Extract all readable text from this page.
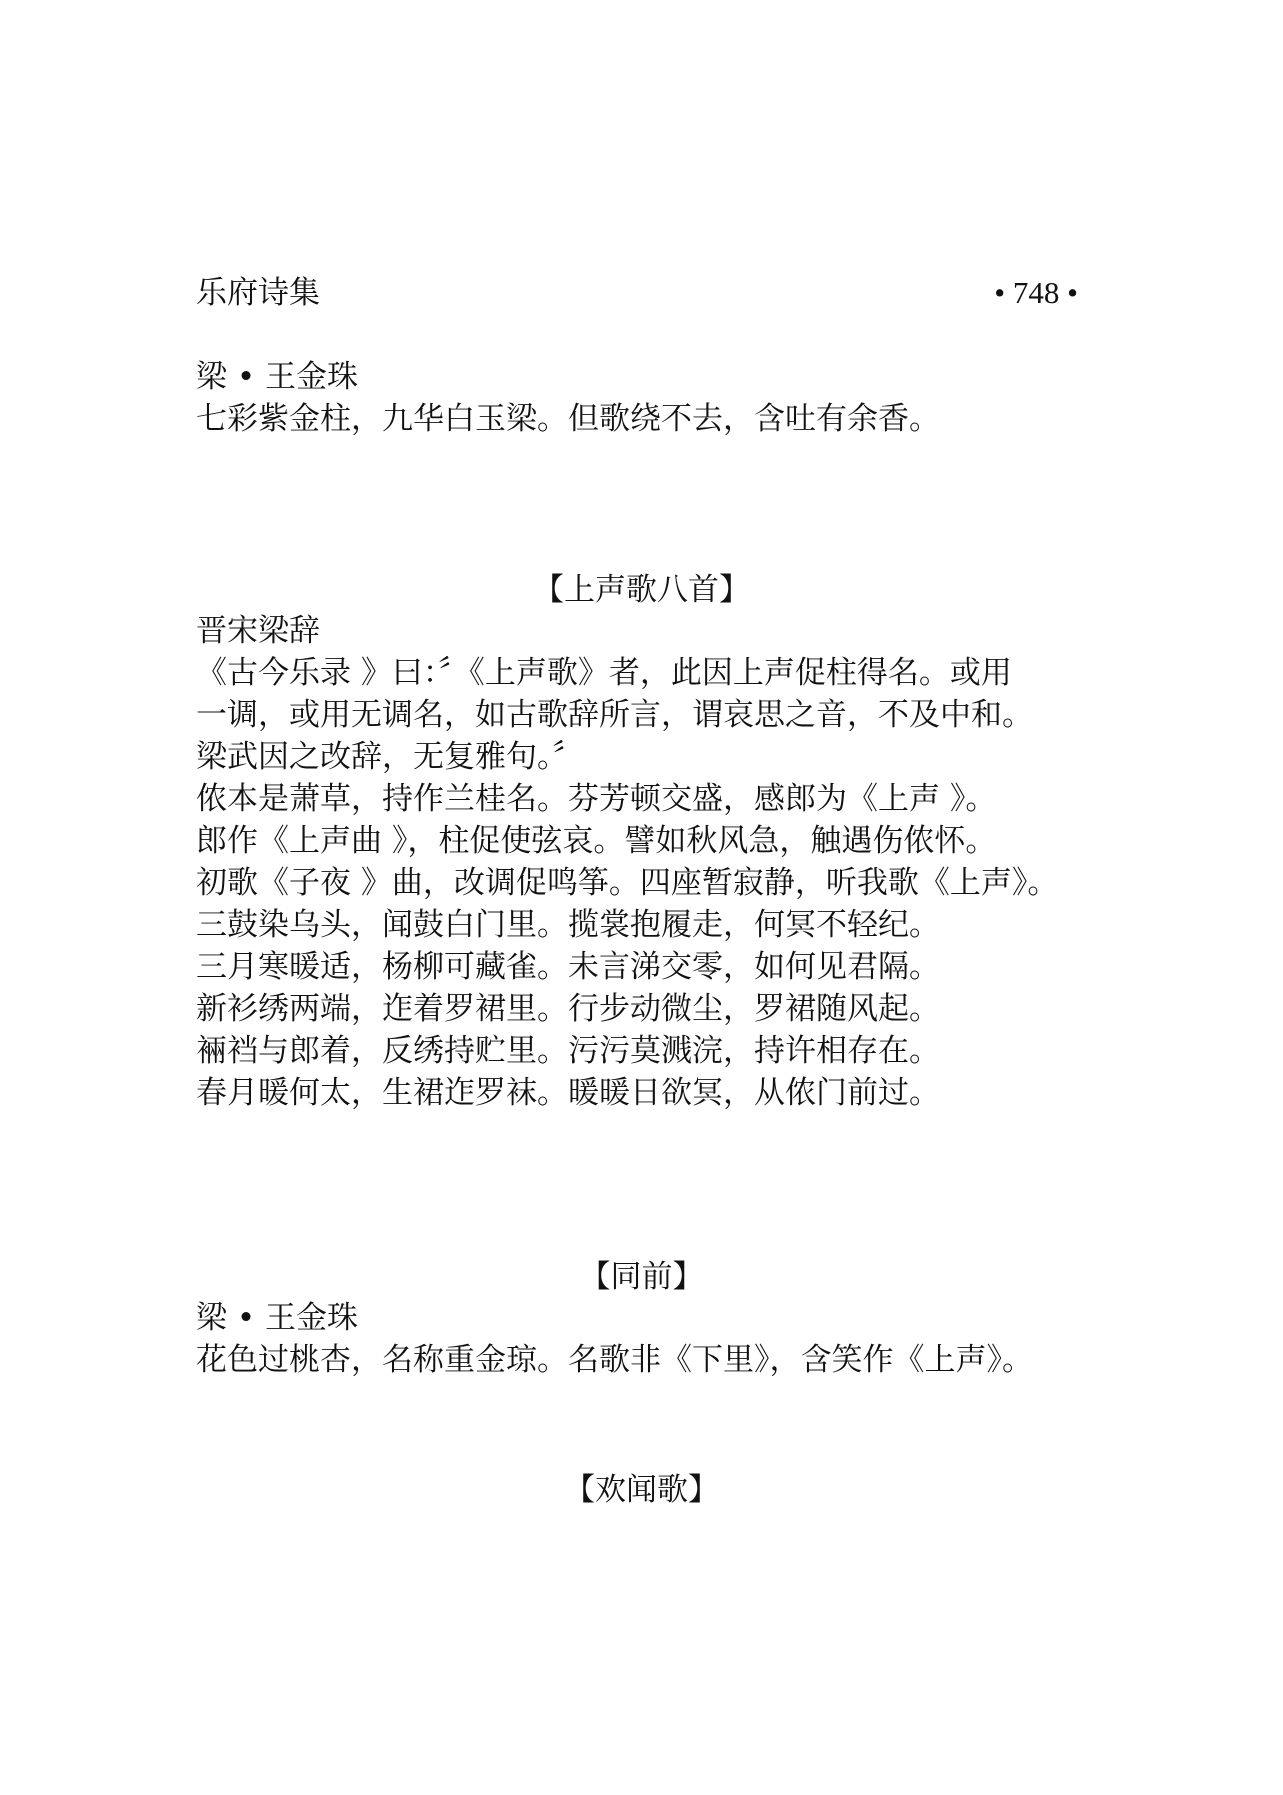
乐府诗集	• 748 •
梁 • 王金珠
七彩紫金柱，九华白玉梁。但歌绕不去，含吐有余香。
【上声歌八首】
晋宋梁辞
《古今乐录 》曰：〞《上声歌》者，此因上声促柱得名。或用
一调，或用无调名，如古歌辞所言，谓哀思之音，不及中和。
梁武因之改辞，无复雅句。〞
侬本是萧草，持作兰桂名。芬芳顿交盛，感郎为《上声 》。
郎作《上声曲 》，柱促使弦哀。譬如秋风急，触遇伤侬怀。
初歌《子夜 》曲，改调促鸣筝。四座暂寂静，听我歌《上声》。
三鼓染乌头，闻鼓白门里。揽裳抱履走，何冥不轻纪。
三月寒暖适，杨柳可藏雀。未言涕交零，如何见君隔。
新衫绣两端，迮着罗裙里。行步动微尘，罗裙随风起。
裲裆与郎着，反绣持贮里。污污莫溅浣，持许相存在。
春月暖何太，生裙迮罗袜。暖暖日欲冥，从侬门前过。
【同前】
梁 • 王金珠
花色过桃杏，名称重金琼。名歌非《下里》，含笑作《上声》。
【欢闻歌】
